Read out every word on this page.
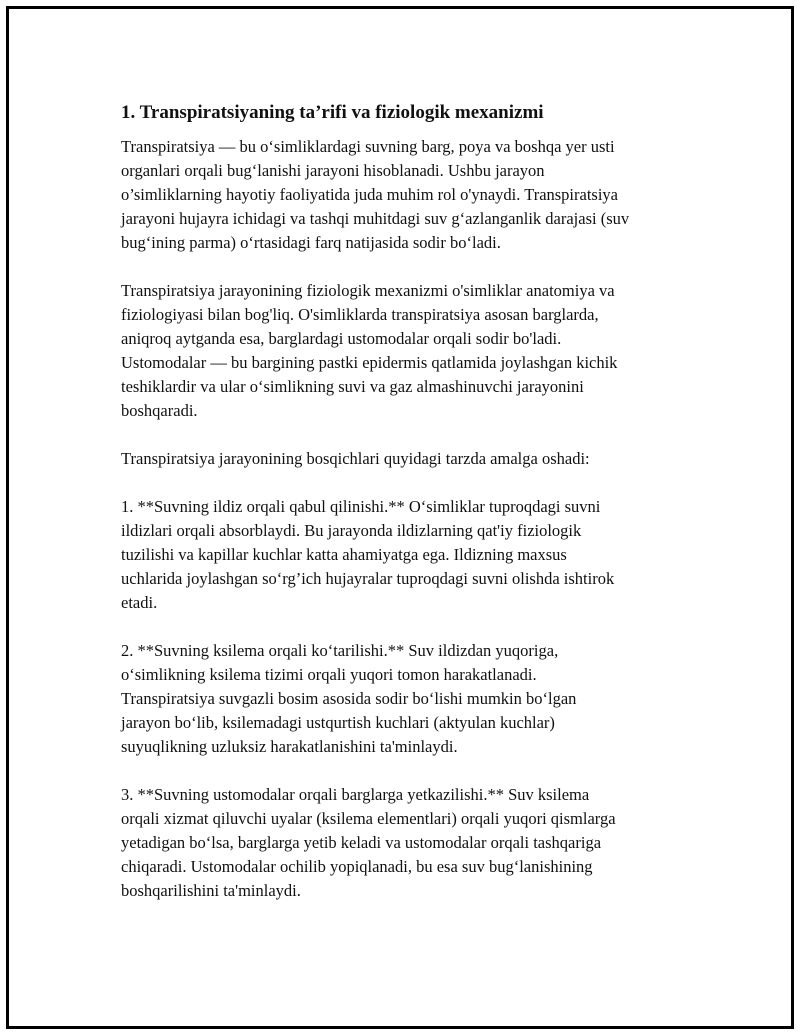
1. Transpiratsiyaning ta’rifi va fiziologik mexanizmi
Transpiratsiya — bu o‘simliklardagi suvning barg, poya va boshqa yer usti
organlari orqali bug‘lanishi jarayoni hisoblanadi. Ushbu jarayon
o’simliklarning hayotiy faoliyatida juda muhim rol o'ynaydi. Transpiratsiya
jarayoni hujayra ichidagi va tashqi muhitdagi suv g‘azlanganlik darajasi (suv
bug‘ining parma) o‘rtasidagi farq natijasida sodir bo‘ladi.
Transpiratsiya jarayonining fiziologik mexanizmi o'simliklar anatomiya va
fiziologiyasi bilan bog'liq. O'simliklarda transpiratsiya asosan barglarda,
aniqroq aytganda esa, barglardagi ustomodalar orqali sodir bo'ladi.
Ustomodalar — bu bargining pastki epidermis qatlamida joylashgan kichik
teshiklardir va ular o‘simlikning suvi va gaz almashinuvchi jarayonini
boshqaradi.
Transpiratsiya jarayonining bosqichlari quyidagi tarzda amalga oshadi:
1. **Suvning ildiz orqali qabul qilinishi.** O‘simliklar tuproqdagi suvni
ildizlari orqali absorblaydi. Bu jarayonda ildizlarning qat'iy fiziologik
tuzilishi va kapillar kuchlar katta ahamiyatga ega. Ildizning maxsus
uchlarida joylashgan so‘rg’ich hujayralar tuproqdagi suvni olishda ishtirok
etadi.
2. **Suvning ksilema orqali ko‘tarilishi.** Suv ildizdan yuqoriga,
o‘simlikning ksilema tizimi orqali yuqori tomon harakatlanadi.
Transpiratsiya suvgazli bosim asosida sodir bo‘lishi mumkin bo‘lgan
jarayon bo‘lib, ksilemadagi ustqurtish kuchlari (aktyulan kuchlar)
suyuqlikning uzluksiz harakatlanishini ta'minlaydi.
3. **Suvning ustomodalar orqali barglarga yetkazilishi.** Suv ksilema
orqali xizmat qiluvchi uyalar (ksilema elementlari) orqali yuqori qismlarga
yetadigan bo‘lsa, barglarga yetib keladi va ustomodalar orqali tashqariga
chiqaradi. Ustomodalar ochilib yopiqlanadi, bu esa suv bug‘lanishining
boshqarilishini ta'minlaydi.
